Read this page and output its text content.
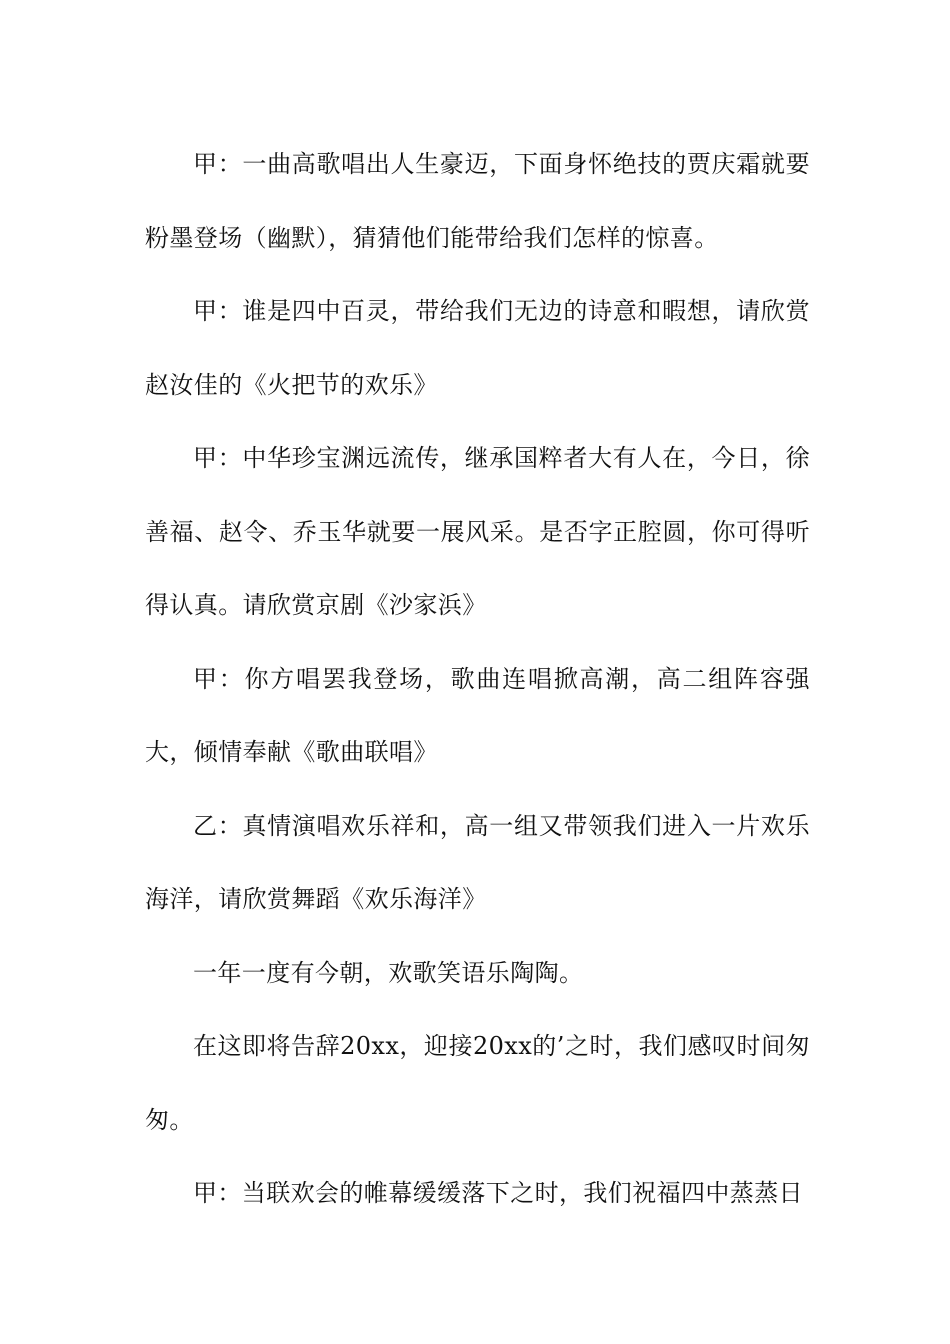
甲：一曲高歌唱出人生豪迈，下面身怀绝技的贾庆霜就要粉墨登场（幽默），猜猜他们能带给我们怎样的惊喜。

甲：谁是四中百灵，带给我们无边的诗意和暇想，请欣赏赵汝佳的《火把节的欢乐》

甲：中华珍宝渊远流传，继承国粹者大有人在，今日，徐善福、赵令、乔玉华就要一展风采。是否字正腔圆，你可得听得认真。请欣赏京剧《沙家浜》

甲：你方唱罢我登场，歌曲连唱掀高潮，高二组阵容强大，倾情奉献《歌曲联唱》

乙：真情演唱欢乐祥和，高一组又带领我们进入一片欢乐海洋，请欣赏舞蹈《欢乐海洋》

一年一度有今朝，欢歌笑语乐陶陶。

在这即将告辞20xx，迎接20xx的’之时，我们感叹时间匆匆。

甲：当联欢会的帷幕缓缓落下之时，我们祝福四中蒸蒸日
